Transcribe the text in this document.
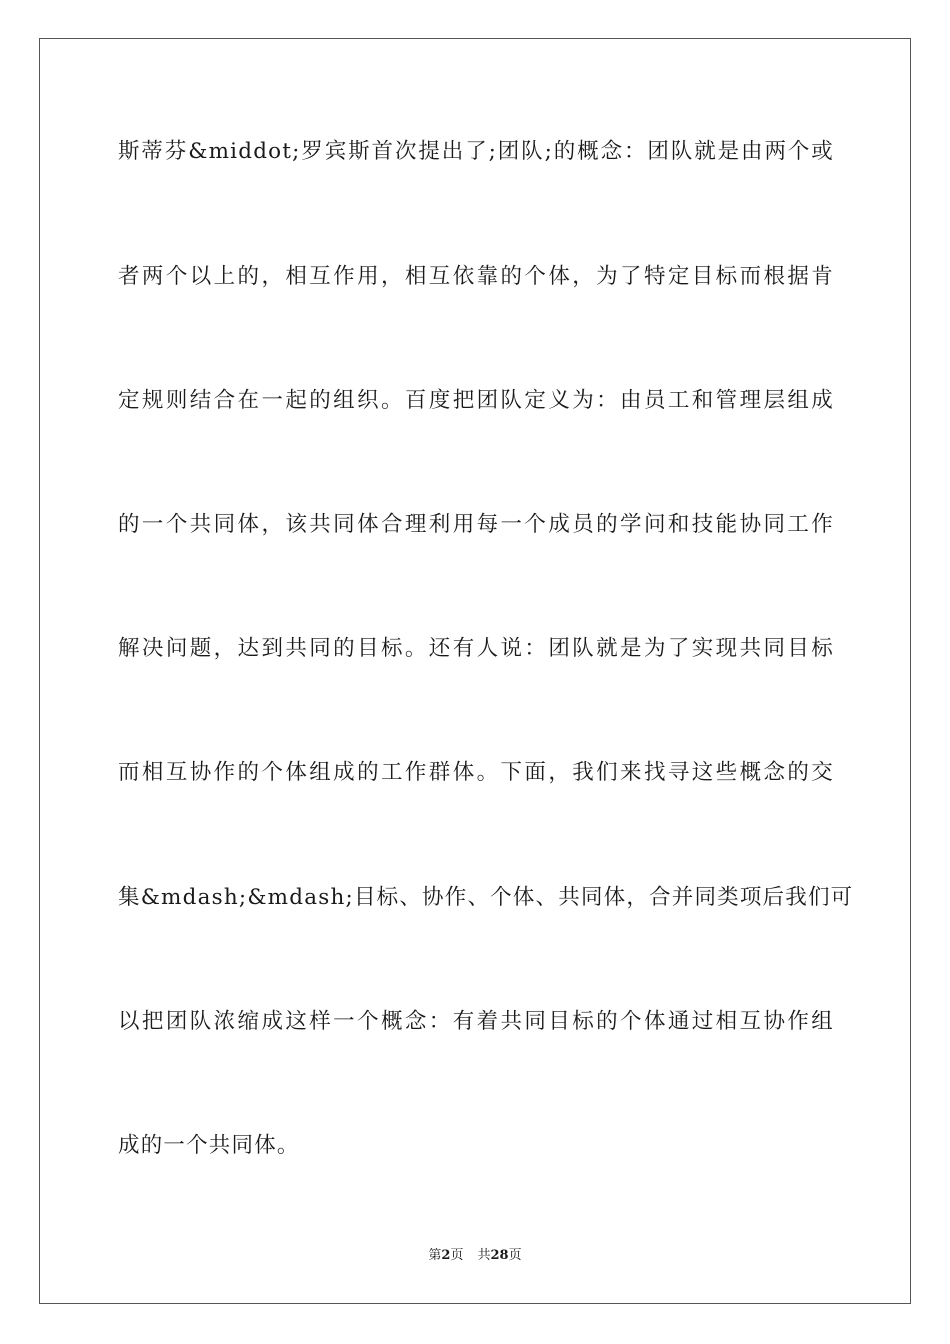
斯蒂芬&middot;罗宾斯首次提出了;团队;的概念：团队就是由两个或
者两个以上的，相互作用，相互依靠的个体，为了特定目标而根据肯
定规则结合在一起的组织。百度把团队定义为：由员工和管理层组成
的一个共同体，该共同体合理利用每一个成员的学问和技能协同工作
解决问题，达到共同的目标。还有人说：团队就是为了实现共同目标
而相互协作的个体组成的工作群体。下面，我们来找寻这些概念的交
集&mdash;&mdash;目标、协作、个体、共同体，合并同类项后我们可
以把团队浓缩成这样一个概念：有着共同目标的个体通过相互协作组
成的一个共同体。
第2页 共28页
